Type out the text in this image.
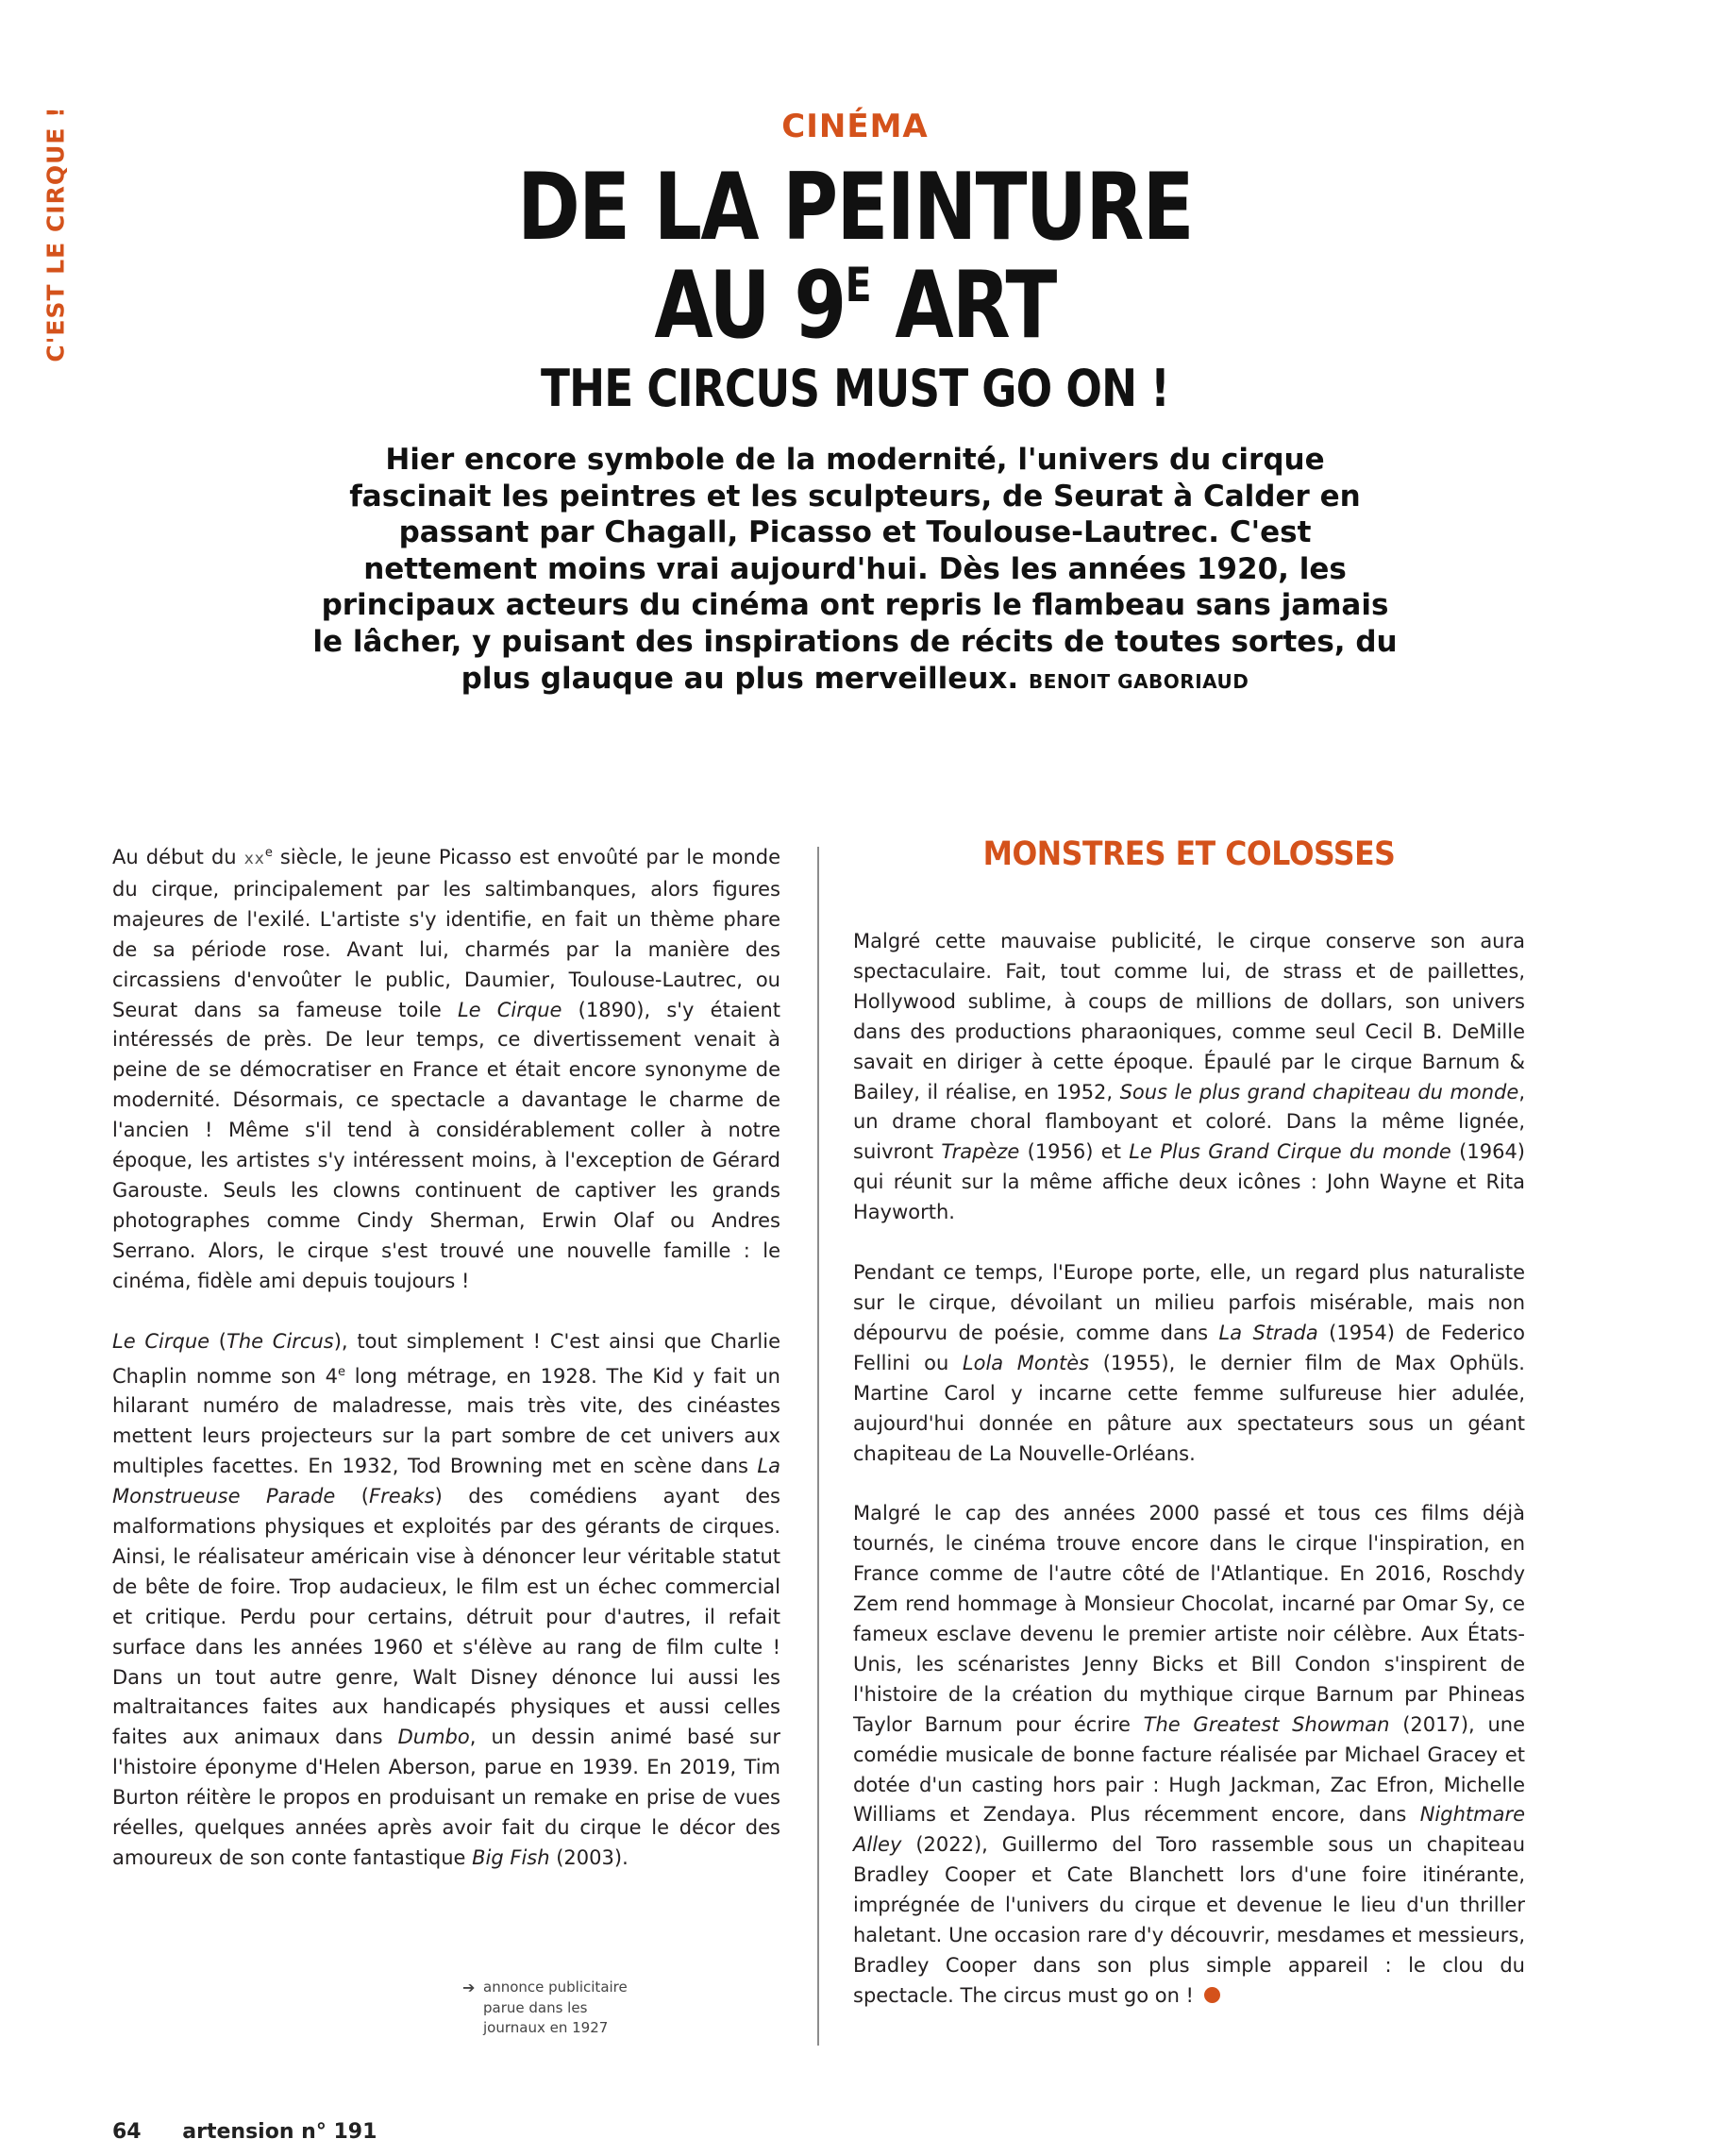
C'EST LE CIRQUE !	CINÉMA
DE LA PEINTURE
AU $9^E$ ART
THE CIRCUS MUST GO ON !

Hier encore symbole de la modernité, l'univers du cirque fascinait les peintres et les sculpteurs, de Seurat à Calder en passant par Chagall, Picasso et Toulouse-Lautrec. C'est nettement moins vrai aujourd'hui. Dès les années 1920, les principaux acteurs du cinéma ont repris le flambeau sans jamais le lâcher, y puisant des inspirations de récits de toutes sortes, du plus glauque au plus merveilleux. BENOIT GABORIAUD

Au début du $xx^e$ siècle, le jeune Picasso est envoûté par le monde du cirque, principalement par les saltimbanques, alors figures majeures de l'exilé. L'artiste s'y identifie, en fait un thème phare de sa période rose. Avant lui, charmés par la manière des circassiens d'envoûter le public, Daumier, Toulouse-Lautrec, ou Seurat dans sa fameuse toile Le Cirque (1890), s'y étaient intéressés de près. De leur temps, ce divertissement venait à peine de se démocratiser en France et était encore synonyme de modernité. Désormais, ce spectacle a davantage le charme de l'ancien ! Même s'il tend à considérablement coller à notre époque, les artistes s'y intéressent moins, à l'exception de Gérard Garouste. Seuls les clowns continuent de captiver les grands photographes comme Cindy Sherman, Erwin Olaf ou Andres Serrano. Alors, le cirque s'est trouvé une nouvelle famille : le cinéma, fidèle ami depuis toujours !

Le Cirque (The Circus), tout simplement ! C'est ainsi que Charlie Chaplin nomme son 4e long métrage, en 1928. The Kid y fait un hilarant numéro de maladresse, mais très vite, des cinéastes mettent leurs projecteurs sur la part sombre de cet univers aux multiples facettes. En 1932, Tod Browning met en scène dans La Monstrueuse Parade (Freaks) des comédiens ayant des malformations physiques et exploités par des gérants de cirques. Ainsi, le réalisateur américain vise à dénoncer leur véritable statut de bête de foire. Trop audacieux, le film est un échec commercial et critique. Perdu pour certains, détruit pour d'autres, il refait surface dans les années 1960 et s'élève au rang de film culte ! Dans un tout autre genre, Walt Disney dénonce lui aussi les maltraitances faites aux handicapés physiques et aussi celles faites aux animaux dans Dumbo, un dessin animé basé sur l'histoire éponyme d'Helen Aberson, parue en 1939. En 2019, Tim Burton réitère le propos en produisant un remake en prise de vues réelles, quelques années après avoir fait du cirque le décor des amoureux de son conte fantastique Big Fish (2003).

MONSTRES ET COLOSSES

Malgré cette mauvaise publicité, le cirque conserve son aura spectaculaire. Fait, tout comme lui, de strass et de paillettes, Hollywood sublime, à coups de millions de dollars, son univers dans des productions pharaoniques, comme seul Cecil B. DeMille savait en diriger à cette époque. Épaulé par le cirque Barnum & Bailey, il réalise, en 1952, Sous le plus grand chapiteau du monde, un drame choral flamboyant et coloré. Dans la même lignée, suivront Trapèze (1956) et Le Plus Grand Cirque du monde (1964) qui réunit sur la même affiche deux icônes : John Wayne et Rita Hayworth.

Pendant ce temps, l'Europe porte, elle, un regard plus naturaliste sur le cirque, dévoilant un milieu parfois misérable, mais non dépourvu de poésie, comme dans La Strada (1954) de Federico Fellini ou Lola Montès (1955), le dernier film de Max Ophüls. Martine Carol y incarne cette femme sulfureuse hier adulée, aujourd'hui donnée en pâture aux spectateurs sous un géant chapiteau de La Nouvelle-Orléans.

Malgré le cap des années 2000 passé et tous ces films déjà tournés, le cinéma trouve encore dans le cirque l'inspiration, en France comme de l'autre côté de l'Atlantique. En 2016, Roschdy Zem rend hommage à Monsieur Chocolat, incarné par Omar Sy, ce fameux esclave devenu le premier artiste noir célèbre. Aux États-Unis, les scénaristes Jenny Bicks et Bill Condon s'inspirent de l'histoire de la création du mythique cirque Barnum par Phineas Taylor Barnum pour écrire The Greatest Showman (2017), une comédie musicale de bonne facture réalisée par Michael Gracey et dotée d'un casting hors pair : Hugh Jackman, Zac Efron, Michelle Williams et Zendaya. Plus récemment encore, dans Nightmare Alley (2022), Guillermo del Toro rassemble sous un chapiteau Bradley Cooper et Cate Blanchett lors d'une foire itinérante, imprégnée de l'univers du cirque et devenue le lieu d'un thriller haletant. Une occasion rare d'y découvrir, mesdames et messieurs, Bradley Cooper dans son plus simple appareil : le clou du spectacle. The circus must go on !

➔ annonce publicitaire
parue dans les
journaux en 1927
64 artension n° 191
